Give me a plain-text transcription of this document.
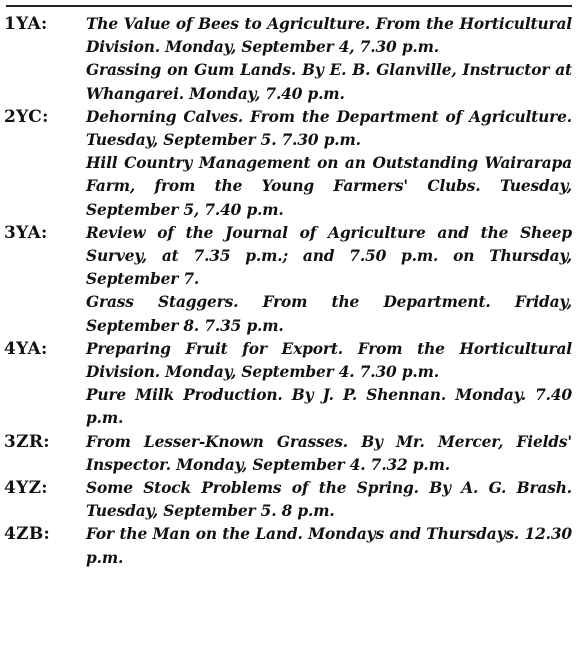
1YA: The Value of Bees to Agriculture. From the Horticultural Division. Monday, September 4, 7.30 p.m.
Grassing on Gum Lands. By E. B. Glanville, Instructor at Whangarei. Monday, 7.40 p.m.
2YC: Dehorning Calves. From the Department of Agriculture. Tuesday, September 5. 7.30 p.m.
Hill Country Management on an Outstanding Wairarapa Farm, from the Young Farmers' Clubs. Tuesday, September 5, 7.40 p.m.
3YA: Review of the Journal of Agriculture and the Sheep Survey, at 7.35 p.m.; and 7.50 p.m. on Thursday, September 7.
Grass Staggers. From the Department. Friday, September 8. 7.35 p.m.
4YA: Preparing Fruit for Export. From the Horticultural Division. Monday, September 4. 7.30 p.m.
Pure Milk Production. By J. P. Shennan. Monday. 7.40 p.m.
3ZR: From Lesser-Known Grasses. By Mr. Mercer, Fields' Inspector. Monday, September 4. 7.32 p.m.
4YZ: Some Stock Problems of the Spring. By A. G. Brash. Tuesday, September 5. 8 p.m.
4ZB: For the Man on the Land. Mondays and Thursdays. 12.30 p.m.
